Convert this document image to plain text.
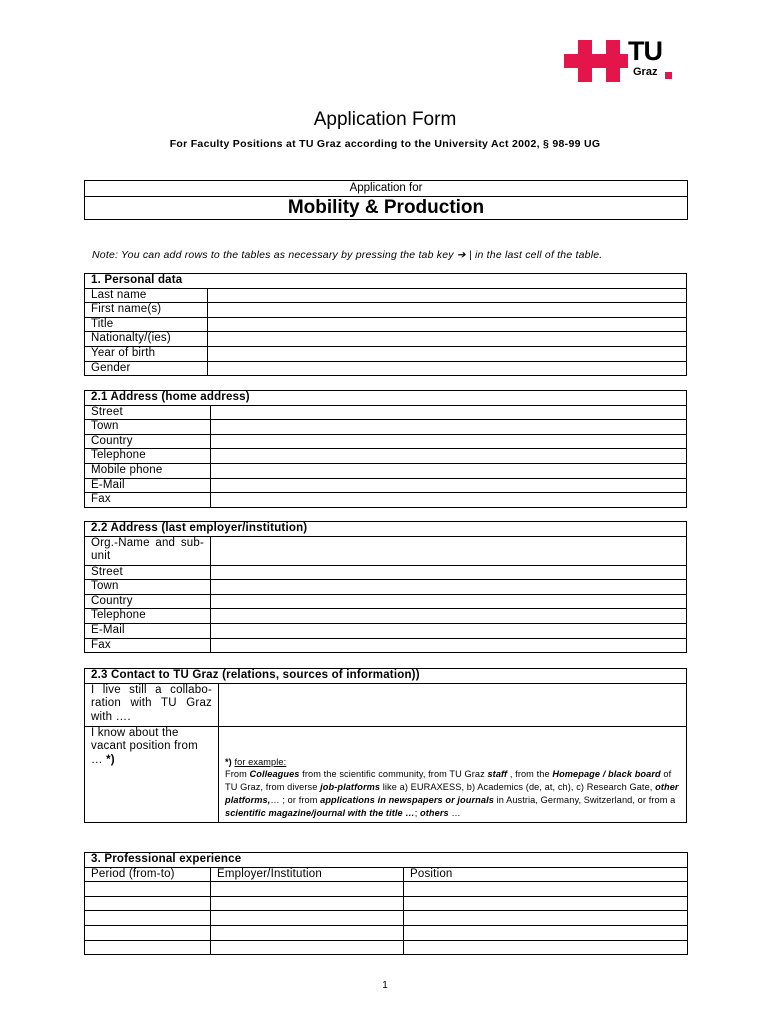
TU
Graz
Application Form
For Faculty Positions at TU Graz according to the University Act 2002, § 98-99 UG
Application for
Mobility & Production
Note: You can add rows to the tables as necessary by pressing the tab key ➔ | in the last cell of the table.
1. Personal data	
Last name	
First name(s)	
Title	
Nationalty/(ies)	
Year of birth	
Gender	
2.1 Address (home address)	
Street	
Town	
Country	
Telephone	
Mobile phone	
E-Mail	
Fax	
2.2 Address (last employer/institution)	
Org.-Name and sub-unit	
Street	
Town	
Country	
Telephone	
E-Mail	
Fax	
2.3 Contact to TU Graz (relations, sources of information))	
I live still a collabo-ration with TU Graz with ….	
I know about the vacant position from … *)	*) for example:
From Colleagues from the scientific community, from TU Graz staff , from the Homepage / black board of TU Graz, from diverse job-platforms like a) EURAXESS, b) Academics (de, at, ch), c) Research Gate, other platforms,… ; or from applications in newspapers or journals in Austria, Germany, Switzerland, or from a scientific magazine/journal with the title …; others …
3. Professional experience		
Period (from-to)	Employer/Institution	Position

1
